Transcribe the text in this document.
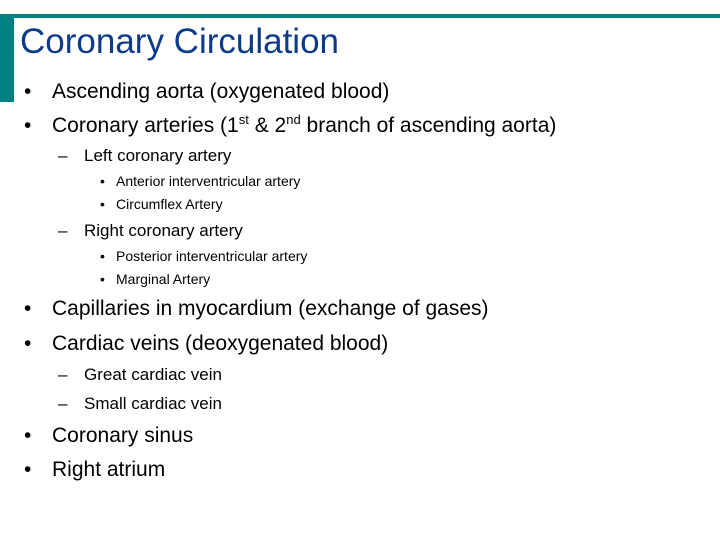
Coronary Circulation
• Ascending aorta (oxygenated blood)
• Coronary arteries (1st & 2nd branch of ascending aorta)
– Left coronary artery
• Anterior interventricular artery
• Circumflex Artery
– Right coronary artery
• Posterior interventricular artery
• Marginal Artery
• Capillaries in myocardium (exchange of gases)
• Cardiac veins (deoxygenated blood)
– Great cardiac vein
– Small cardiac vein
• Coronary sinus
• Right atrium
